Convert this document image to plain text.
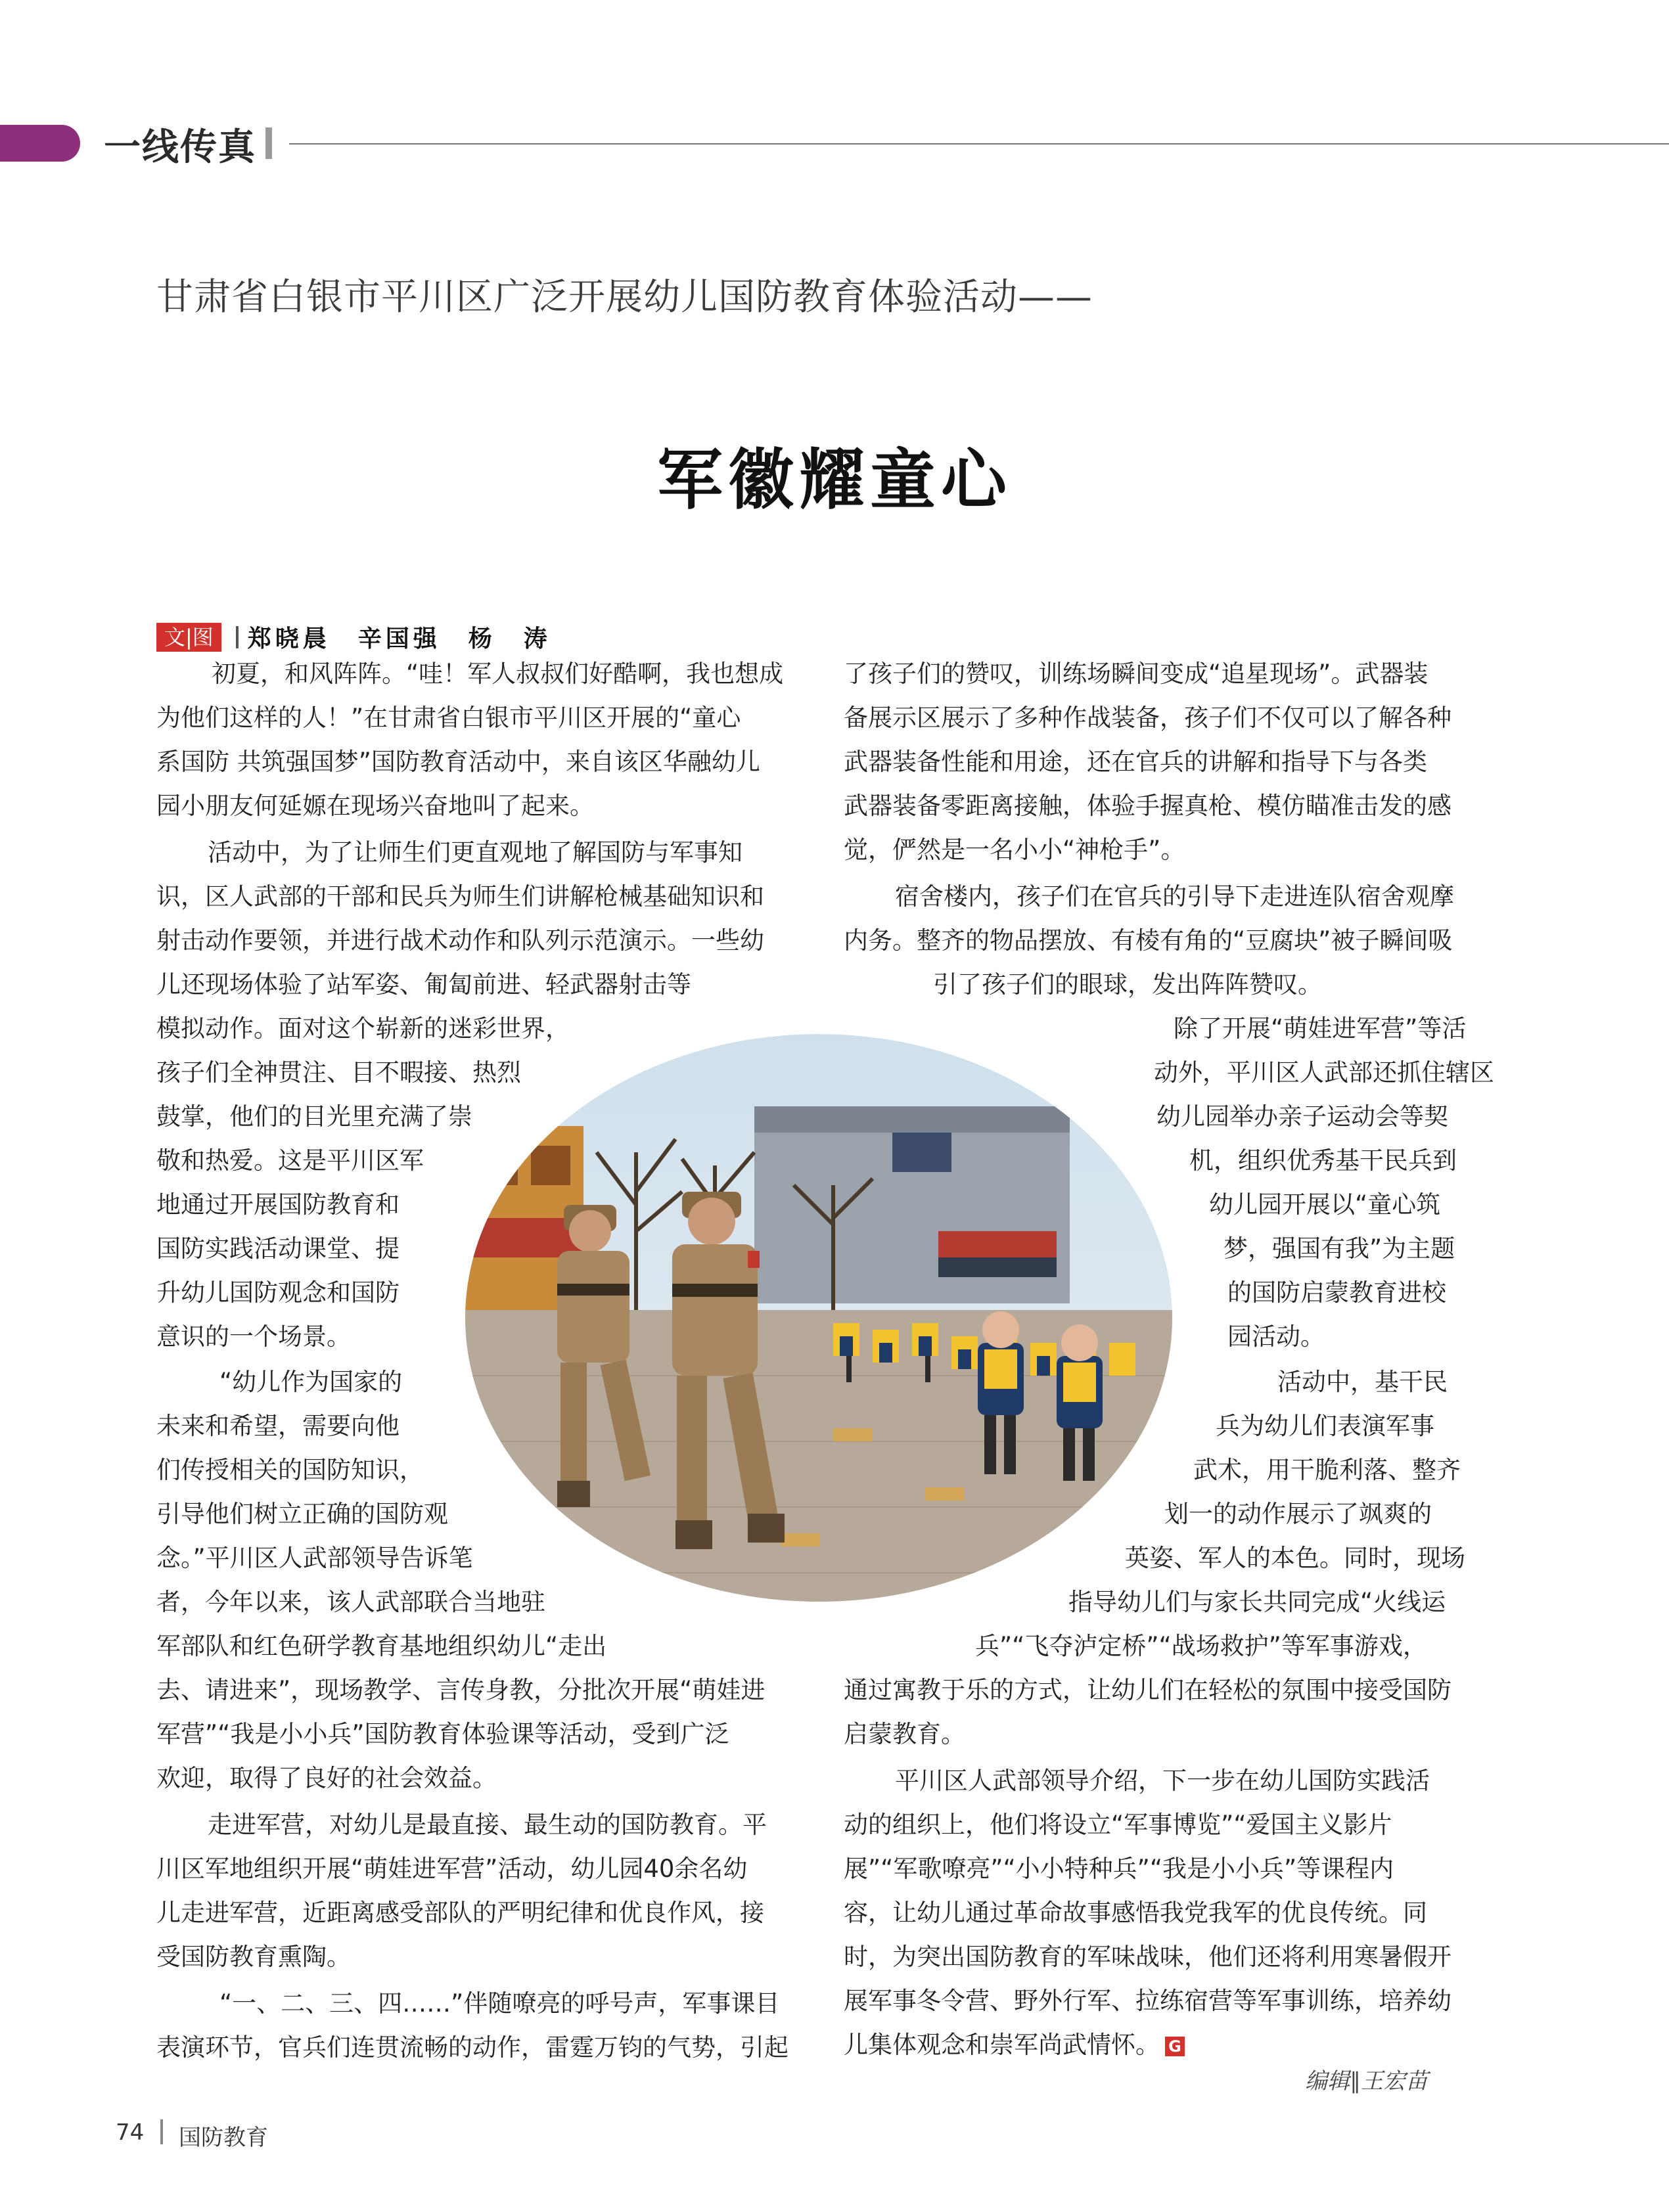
一线传真
甘肃省白银市平川区广泛开展幼儿国防教育体验活动——
军徽耀童心
文|图 郑晓晨　辛国强　杨　涛
初夏，和风阵阵。“哇！军人叔叔们好酷啊，我也想成
为他们这样的人！”在甘肃省白银市平川区开展的“童心
系国防 共筑强国梦”国防教育活动中，来自该区华融幼儿
园小朋友何延嫄在现场兴奋地叫了起来。
活动中，为了让师生们更直观地了解国防与军事知
识，区人武部的干部和民兵为师生们讲解枪械基础知识和
射击动作要领，并进行战术动作和队列示范演示。一些幼
儿还现场体验了站军姿、匍匐前进、轻武器射击等
模拟动作。面对这个崭新的迷彩世界，
孩子们全神贯注、目不暇接、热烈
鼓掌，他们的目光里充满了崇
敬和热爱。这是平川区军
地通过开展国防教育和
国防实践活动课堂、提
升幼儿国防观念和国防
意识的一个场景。
“幼儿作为国家的
未来和希望，需要向他
们传授相关的国防知识，
引导他们树立正确的国防观
念。”平川区人武部领导告诉笔
者，今年以来，该人武部联合当地驻
军部队和红色研学教育基地组织幼儿“走出
去、请进来”，现场教学、言传身教，分批次开展“萌娃进
军营”“我是小小兵”国防教育体验课等活动，受到广泛
欢迎，取得了良好的社会效益。
走进军营，对幼儿是最直接、最生动的国防教育。平
川区军地组织开展“萌娃进军营”活动，幼儿园40余名幼
儿走进军营，近距离感受部队的严明纪律和优良作风，接
受国防教育熏陶。
“一、二、三、四……”伴随嘹亮的呼号声，军事课目
表演环节，官兵们连贯流畅的动作，雷霆万钧的气势，引起
了孩子们的赞叹，训练场瞬间变成“追星现场”。武器装
备展示区展示了多种作战装备，孩子们不仅可以了解各种
武器装备性能和用途，还在官兵的讲解和指导下与各类
武器装备零距离接触，体验手握真枪、模仿瞄准击发的感
觉，俨然是一名小小“神枪手”。
宿舍楼内，孩子们在官兵的引导下走进连队宿舍观摩
内务。整齐的物品摆放、有棱有角的“豆腐块”被子瞬间吸
引了孩子们的眼球，发出阵阵赞叹。
除了开展“萌娃进军营”等活
动外，平川区人武部还抓住辖区
幼儿园举办亲子运动会等契
机，组织优秀基干民兵到
幼儿园开展以“童心筑
梦，强国有我”为主题
的国防启蒙教育进校
园活动。
活动中，基干民
兵为幼儿们表演军事
武术，用干脆利落、整齐
划一的动作展示了飒爽的
英姿、军人的本色。同时，现场
指导幼儿们与家长共同完成“火线运
兵”“飞夺泸定桥”“战场救护”等军事游戏，
通过寓教于乐的方式，让幼儿们在轻松的氛围中接受国防
启蒙教育。
平川区人武部领导介绍，下一步在幼儿国防实践活
动的组织上，他们将设立“军事博览”“爱国主义影片
展”“军歌嘹亮”“小小特种兵”“我是小小兵”等课程内
容，让幼儿通过革命故事感悟我党我军的优良传统。同
时，为突出国防教育的军味战味，他们还将利用寒暑假开
展军事冬令营、野外行军、拉练宿营等军事训练，培养幼
儿集体观念和崇军尚武情怀。 G
编辑∥王宏苗
74 国防教育
